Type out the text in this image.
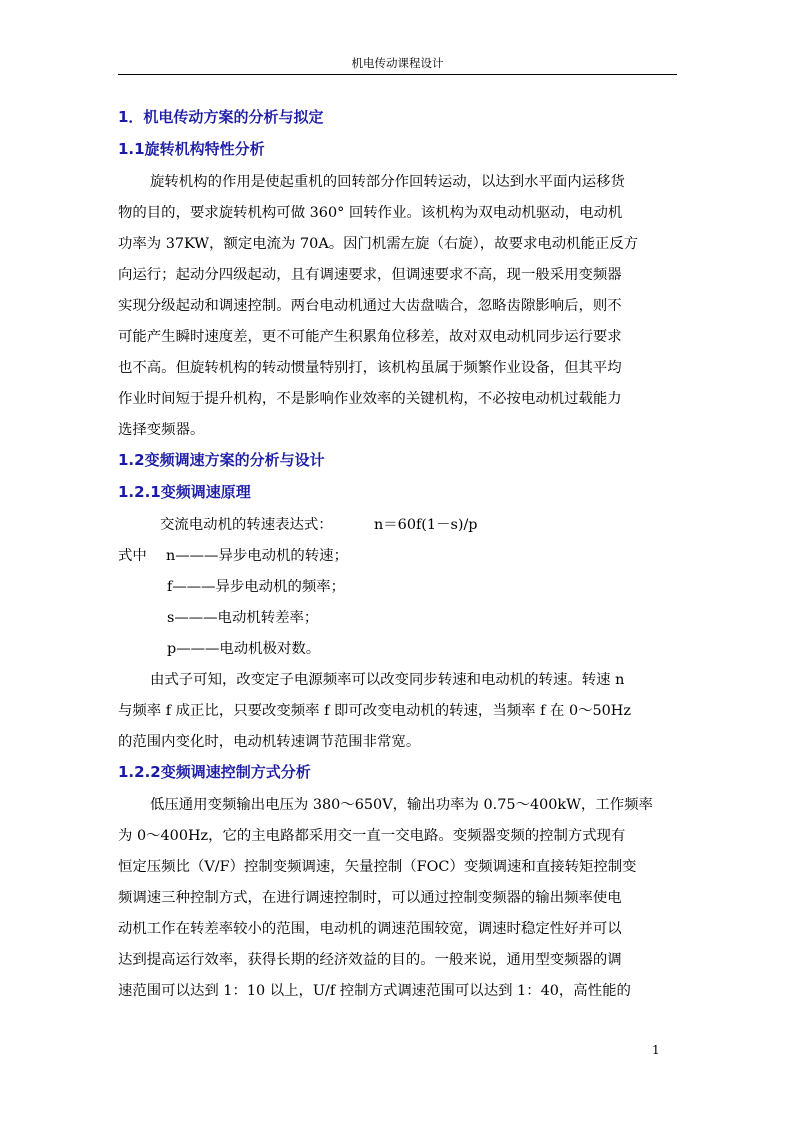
机电传动课程设计
1．机电传动方案的分析与拟定
1.1旋转机构特性分析
旋转机构的作用是使起重机的回转部分作回转运动，以达到水平面内运移货
物的目的，要求旋转机构可做 360° 回转作业。该机构为双电动机驱动，电动机
功率为 37KW，额定电流为 70A。因门机需左旋（右旋），故要求电动机能正反方
向运行；起动分四级起动，且有调速要求，但调速要求不高，现一般采用变频器
实现分级起动和调速控制。两台电动机通过大齿盘啮合，忽略齿隙影响后，则不
可能产生瞬时速度差，更不可能产生积累角位移差，故对双电动机同步运行要求
也不高。但旋转机构的转动惯量特别打，该机构虽属于频繁作业设备，但其平均
作业时间短于提升机构，不是影响作业效率的关键机构，不必按电动机过载能力
选择变频器。
1.2变频调速方案的分析与设计
1.2.1变频调速原理
交流电动机的转速表达式：	n＝60f(1－s)/p
式中 n———异步电动机的转速；
f———异步电动机的频率；
s———电动机转差率；
p———电动机极对数。
由式子可知，改变定子电源频率可以改变同步转速和电动机的转速。转速 n
与频率 f 成正比，只要改变频率 f 即可改变电动机的转速，当频率 f 在 0～50Hz
的范围内变化时，电动机转速调节范围非常宽。
1.2.2变频调速控制方式分析
低压通用变频输出电压为 380～650V，输出功率为 0.75～400kW，工作频率
为 0～400Hz，它的主电路都采用交一直一交电路。变频器变频的控制方式现有
恒定压频比（V/F）控制变频调速，矢量控制（FOC）变频调速和直接转矩控制变
频调速三种控制方式，在进行调速控制时，可以通过控制变频器的输出频率使电
动机工作在转差率较小的范围，电动机的调速范围较宽，调速时稳定性好并可以
达到提高运行效率，获得长期的经济效益的目的。一般来说，通用型变频器的调
速范围可以达到 1：10 以上，U/f 控制方式调速范围可以达到 1：40，高性能的
1
